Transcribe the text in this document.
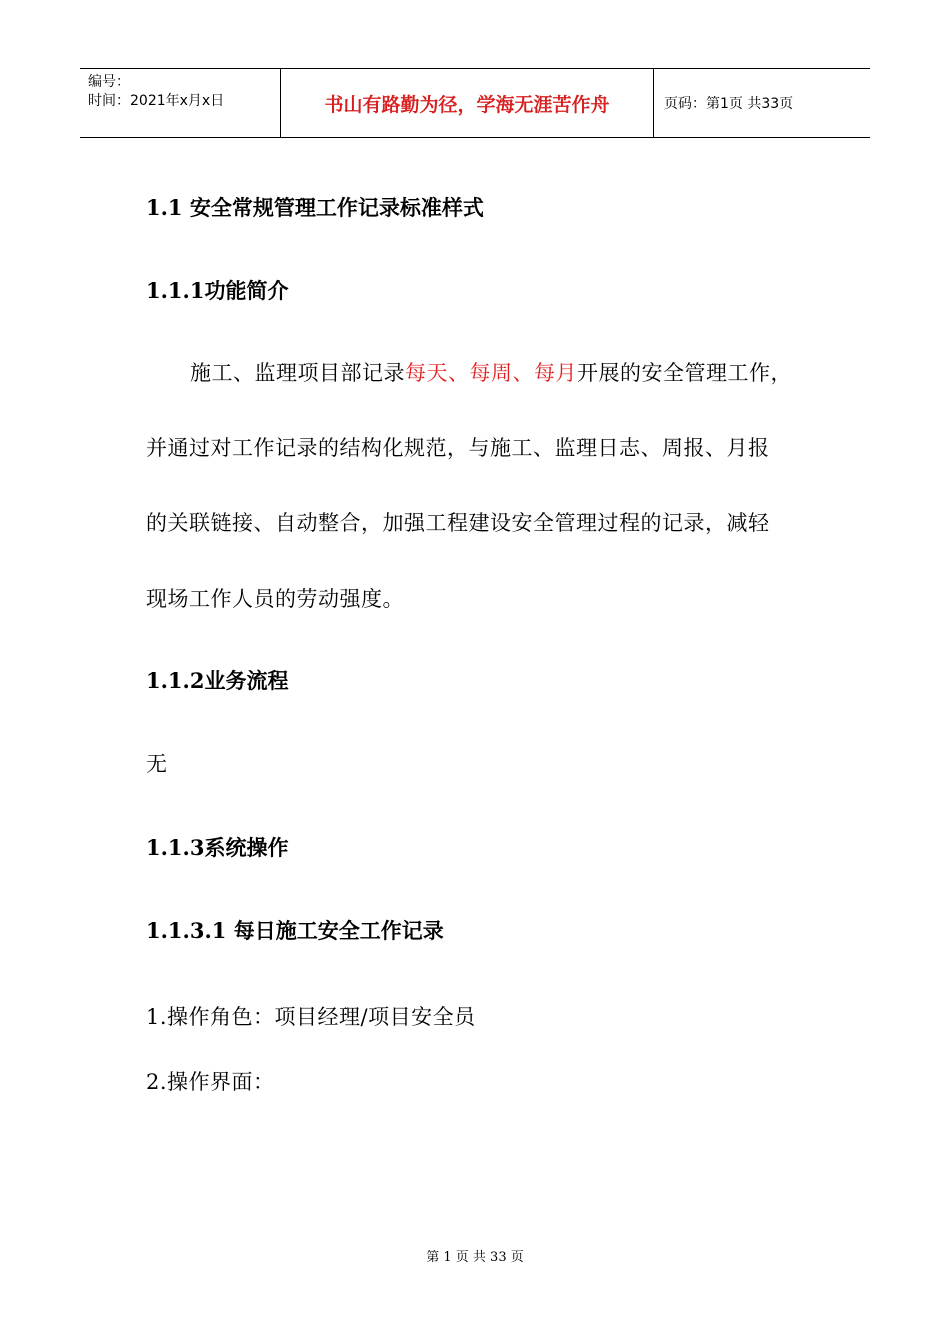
编号：
时间：2021年x月x日	书山有路勤为径，学海无涯苦作舟	页码：第1页 共33页
1.1 安全常规管理工作记录标准样式
1.1.1功能简介

施工、监理项目部记录每天、每周、每月开展的安全管理工作，

并通过对工作记录的结构化规范，与施工、监理日志、周报、月报

的关联链接、自动整合，加强工程建设安全管理过程的记录，减轻

现场工作人员的劳动强度。

1.1.2业务流程

无

1.1.3系统操作
1.1.3.1 每日施工安全工作记录

1.操作角色：项目经理/项目安全员

2.操作界面：

第 1 页 共 33 页
